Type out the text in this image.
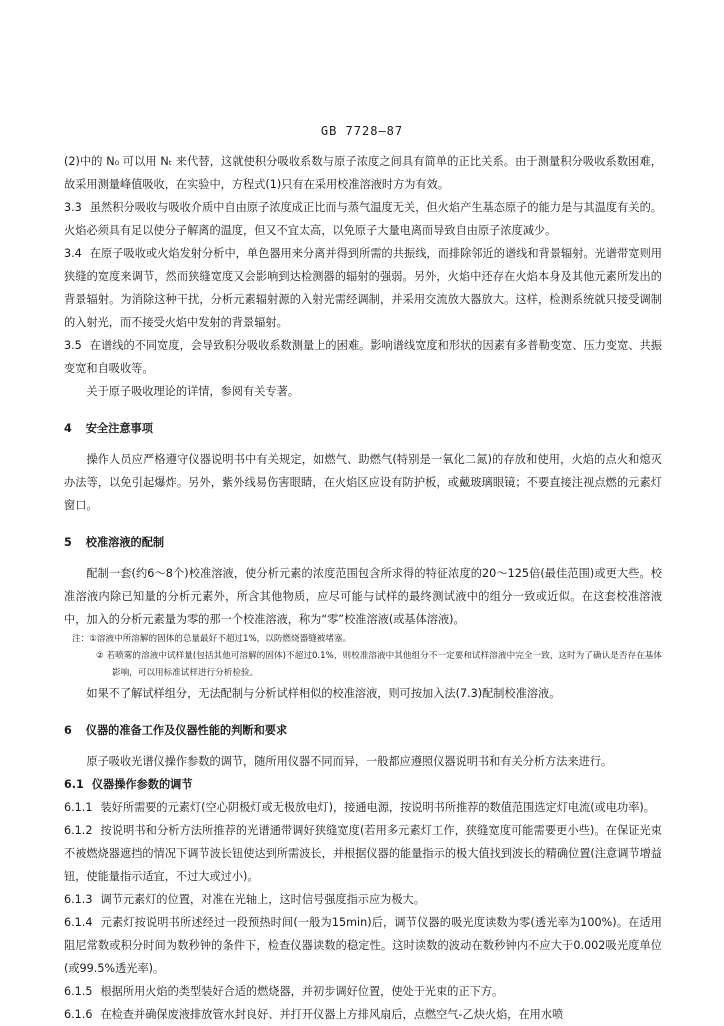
GB 7728—87

(2)中的 N₀ 可以用 Nₜ 来代替，这就使积分吸收系数与原子浓度之间具有简单的正比关系。由于测量积分吸收系数困难，故采用测量峰值吸收，在实验中，方程式(1)只有在采用校准溶液时方为有效。

3.3 虽然积分吸收与吸收介质中自由原子浓度成正比而与蒸气温度无关，但火焰产生基态原子的能力是与其温度有关的。火焰必须具有足以使分子解离的温度，但又不宜太高，以免原子大量电离而导致自由原子浓度减少。

3.4 在原子吸收或火焰发射分析中，单色器用来分离并得到所需的共振线，而排除邻近的谱线和背景辐射。光谱带宽则用狭缝的宽度来调节，然而狭缝宽度又会影响到达检测器的辐射的强弱。另外，火焰中还存在火焰本身及其他元素所发出的背景辐射。为消除这种干扰，分析元素辐射源的入射光需经调制，并采用交流放大器放大。这样，检测系统就只接受调制的入射光，而不接受火焰中发射的背景辐射。

3.5 在谱线的不同宽度，会导致积分吸收系数测量上的困难。影响谱线宽度和形状的因素有多普勒变宽、压力变宽、共振变宽和自吸收等。

关于原子吸收理论的详情，参阅有关专著。

4 安全注意事项

操作人员应严格遵守仪器说明书中有关规定，如燃气、助燃气(特别是一氧化二氮)的存放和使用，火焰的点火和熄灭办法等，以免引起爆炸。另外，紫外线易伤害眼睛，在火焰区应设有防护板，或戴玻璃眼镜；不要直接注视点燃的元素灯窗口。

5 校准溶液的配制

配制一套(约6～8个)校准溶液，使分析元素的浓度范围包含所求得的特征浓度的20～125倍(最佳范围)或更大些。校准溶液内除已知量的分析元素外，所含其他物质，应尽可能与试样的最终测试液中的组分一致或近似。在这套校准溶液中，加入的分析元素量为零的那一个校准溶液，称为“零”校准溶液(或基体溶液)。

注：①溶液中所溶解的固体的总量最好不超过1%，以防燃烧器缝被堵塞。

② 若喷雾的溶液中试样量(包括其他可溶解的固体)不超过0.1%，则校准溶液中其他组分不一定要和试样溶液中完全一致，这时为了确认是否存在基体影响，可以用标准试样进行分析检验。

如果不了解试样组分，无法配制与分析试样相似的校准溶液，则可按加入法(7.3)配制校准溶液。

6 仪器的准备工作及仪器性能的判断和要求

原子吸收光谱仪操作参数的调节，随所用仪器不同而异，一般都应遵照仪器说明书和有关分析方法来进行。

6.1 仪器操作参数的调节

6.1.1 装好所需要的元素灯(空心阴极灯或无极放电灯)，接通电源，按说明书所推荐的数值范围选定灯电流(或电功率)。

6.1.2 按说明书和分析方法所推荐的光谱通带调好狭缝宽度(若用多元素灯工作，狭缝宽度可能需要更小些)。在保证光束不被燃烧器遮挡的情况下调节波长钮使达到所需波长，并根据仪器的能量指示的极大值找到波长的精确位置(注意调节增益钮，使能量指示适宜，不过大或过小)。

6.1.3 调节元素灯的位置，对准在光轴上，这时信号强度指示应为极大。

6.1.4 元素灯按说明书所述经过一段预热时间(一般为15min)后，调节仪器的吸光度读数为零(透光率为100%)。在适用阻尼常数或积分时间为数秒钟的条件下，检查仪器读数的稳定性。这时读数的波动在数秒钟内不应大于0.002吸光度单位(或99.5%透光率)。

6.1.5 根据所用火焰的类型装好合适的燃烧器，并初步调好位置，使处于光束的正下方。

6.1.6 在检查并确保废液排放管水封良好、并打开仪器上方排风扇后，点燃空气-乙炔火焰，在用水喷
